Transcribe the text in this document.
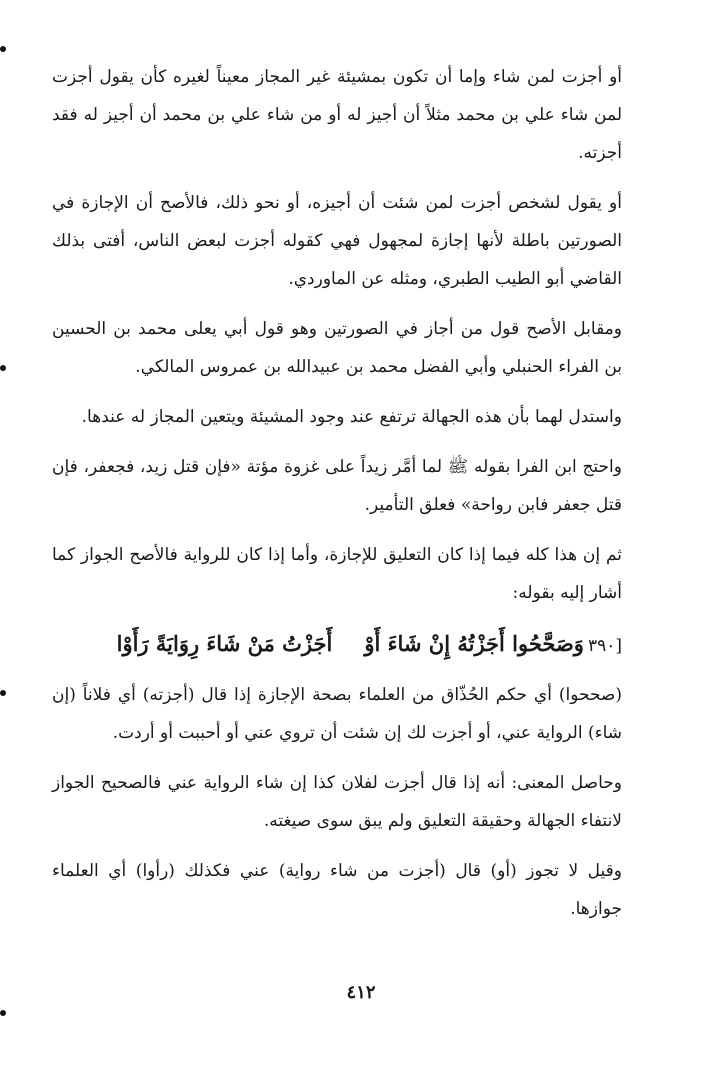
أو أجزت لمن شاء وإما أن تكون بمشيئة غير المجاز معيناً لغيره كأن يقول أجزت لمن شاء علي بن محمد مثلاً أن أجيز له أو من شاء علي بن محمد أن أجيز له فقد أجزته.

أو يقول لشخص أجزت لمن شئت أن أجيزه، أو نحو ذلك، فالأصح أن الإجازة في الصورتين باطلة لأنها إجازة لمجهول فهي كقوله أجزت لبعض الناس، أفتى بذلك القاضي أبو الطيب الطبري، ومثله عن الماوردي.

ومقابل الأصح قول من أجاز في الصورتين وهو قول أبي يعلى محمد بن الحسين بن الفراء الحنبلي وأبي الفضل محمد بن عبيدالله بن عمروس المالكي.

واستدل لهما بأن هذه الجهالة ترتفع عند وجود المشيئة ويتعين المجاز له عندها.

واحتج ابن الفرا بقوله ﷺ لما أمَّر زيداً على غزوة مؤتة «فإن قتل زيد، فجعفر، فإن قتل جعفر فابن رواحة» فعلق التأمير.

ثم إن هذا كله فيما إذا كان التعليق للإجازة، وأما إذا كان للرواية فالأصح الجواز كما أشار إليه بقوله:

[٣٩٠
وَصَحَّحُوا أَجَزْتُهُ إِنْ شَاءَ أَوْ
أَجَزْتُ مَنْ شَاءَ رِوَايَةً رَأَوْا

(صححوا) أي حكم الحُذّاق من العلماء بصحة الإجازة إذا قال (أجزته) أي فلاناً (إن شاء) الرواية عني، أو أجزت لك إن شئت أن تروي عني أو أحببت أو أردت.

وحاصل المعنى: أنه إذا قال أجزت لفلان كذا إن شاء الرواية عني فالصحيح الجواز لانتفاء الجهالة وحقيقة التعليق ولم يبق سوى صيغته.

وقيل لا تجوز (أو) قال (أجزت من شاء رواية) عني فكذلك (رأوا) أي العلماء جوازها.

٤١٢
